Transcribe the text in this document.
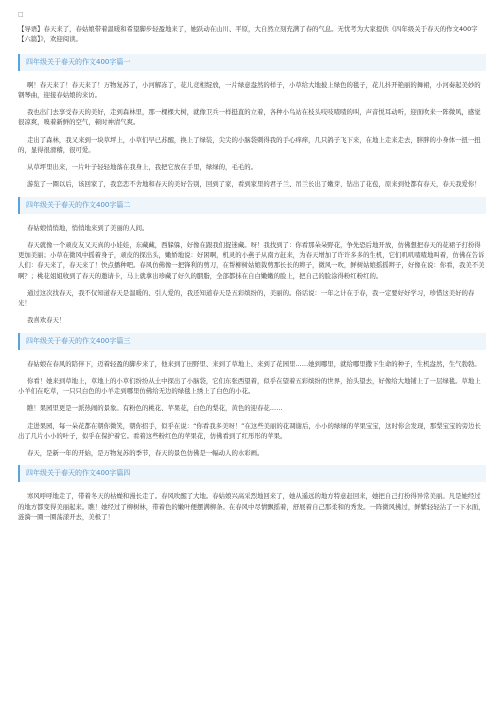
□
【导语】春天来了，春姑娘带着温暖和希望脚步轻盈地来了，她跃动在山川、平原，大自然立刻充满了春的气息。无忧考为大家提供《四年级关于春天的作文400字【六篇】》，欢迎阅读。
四年级关于春天的作文400字篇一

啊！春天来了！春天来了！万物复苏了，小河解冻了，花儿竞相绽放，一片绿意盎然的样子，小草给大地披上绿色的毯子，花儿抖开艳丽的舞裙，小河奏起美妙的钢琴曲，迎接春姑娘的来访。

我也出门去享受春天的美好，走到森林里，那一棵棵大树，就像卫兵一样挺直的立着，各种小鸟站在枝头吱吱喳喳的叫，声音悦耳动听，迎面吹来一阵微风，感觉很凉爽，嗅着新鲜的空气，顿时神清气爽。

走出了森林，我又来到一块草坪上，小草们早已苏醒，换上了绿装，尖尖的小脑袋刺得我的手心痒痒，几只鸽子飞下来，在地上走来走去，胖胖的小身体一扭一扭的，显得很滑稽，很可爱。

从草坪里出来，一片叶子轻轻地落在我身上，我把它放在手里，绿绿的，毛毛的。

游览了一圈以后，该回家了，我恋恋不舍地和春天的美好告别，回到了家，看到家里的君子兰、吊兰长出了嫩芽，钻出了花苞，原来到处都有春天，春天我爱你！

四年级关于春天的作文400字篇二

春姑娘悄悄地，悄悄地来到了美丽的人间。

春天就像一个顽皮友又天真的小娃娃，东藏藏，西躲躲，好像在跟我们捉迷藏。呀！我找到了：你看那朵朵野花，争先恐后地开放，仿佛想把春天的花裙子打扮得更加美丽；小草在微风中摇着身子，顽皮的探出头，嫩娇地说：好困啊，机灵的小燕子从南方赶来，为春天增加了许许多多的生机，它们叽叽喳喳地叫着，仿佛在告诉人们：春天来了，春天来了！快点播种吧。春风仿佛像一把锋利的剪刀，在帮柳树姑娘裁剪那长长的辫子，微风一吹，鲜树姑娘摇摇辫子，好像在说：你看，我美不美啊？；桃花姐姐收到了春天的邀请卡，马上就拿出珍藏了好久的胭脂，全部都抹在自白嫩嫩的脸上，把自己的脸涂得粉红粉红的。

通过这次找春天，我不仅知道春天是温暖的、引人爱的，我还知道春天是五彩缤纷的，美丽的。俗话说：一年之计在于春，我一定要好好学习，珍惜这美好的春光！

我喜欢春天！

四年级关于春天的作文400字篇三

春姑娘在春风的陪伴下，迈着轻盈的脚步来了，他来到了田野里、来到了草地上、来到了花园里……她到哪里，就给哪里撒下生命的种子，生机盎然，生气勃勃。

你看！她来到草地上，草地上的小草们纷纷从土中探出了小脑袋，它们东张西望着，似乎在望着五彩缤纷的世界，抬头望去，好像给大地铺上了一层绿毯。草地上小羊们在吃草，一只只白色的小羊走到哪里仿佛给无边的绿毯上绣上了白色的小花。

瞧！果园里更是一派热闹的景象。有粉色的桃花、苹果花，白色的梨花，黄色的迎春花……

走进果园，每一朵花都在朝你微笑，朝你招手，似乎在说：“你看我多美呀！”在这些美丽的花凋谢后，小小的绿绿的苹果宝宝，这时你会发现，那梨宝宝的旁边长出了几片小小的叶子，似乎在保护着它。看着这些粉红色的苹果花，仿佛看到了红彤彤的苹果。

春天，是新一年的开始，是万物复苏的季节，春天的景色仿佛是一幅动人的水彩画。

四年级关于春天的作文400字篇四

寒风呼呼地走了，带着冬天的枯燥和漫长走了。春风吹醒了大地。春姑娘兴高采烈地回来了，她从遥远的地方特意赶回来，她把自己打扮得异常美丽。凡是她经过的地方都变得美丽起来。瞧！她经过了柳树林，带着色的嫩叶便摆满柳条。在春风中尽情飘摇着，舒展着自己那柔和的秀发。一阵微风拂过，鲜紫轻轻沾了一下水面，涟漪一圈一圈荡漾开去，美极了！
